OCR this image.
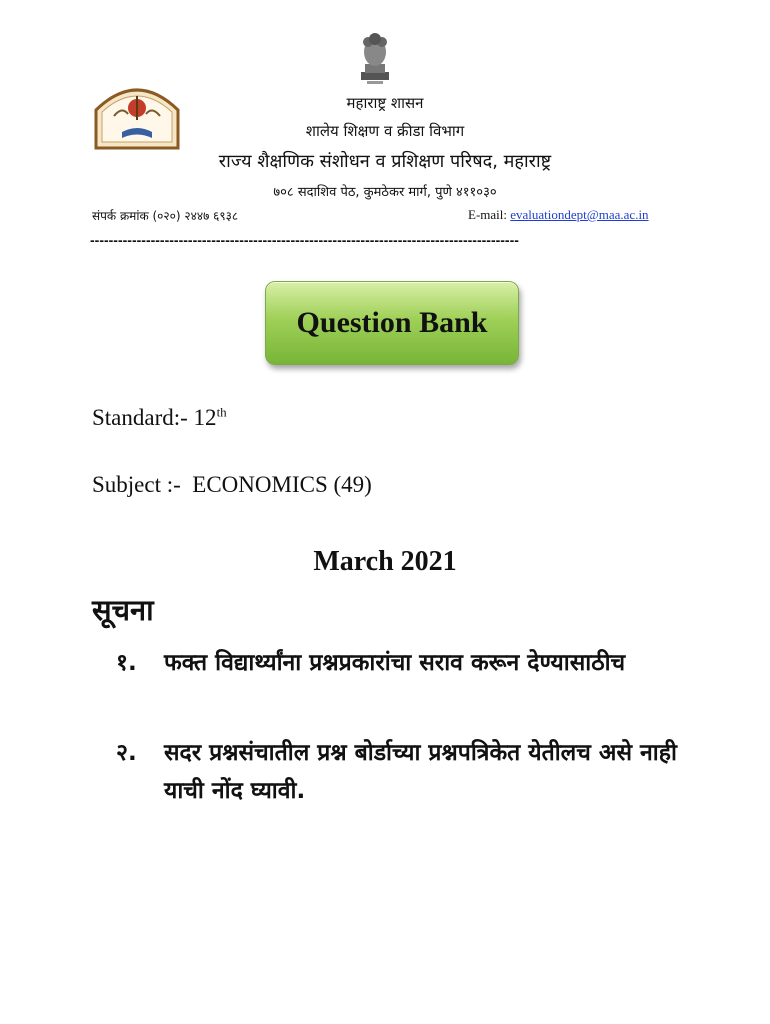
महाराष्ट्र शासन
शालेय शिक्षण व क्रीडा विभाग
राज्य शैक्षणिक संशोधन व प्रशिक्षण परिषद, महाराष्ट्र
७०८ सदाशिव पेठ, कुमठेकर मार्ग, पुणे ४११०३०
संपर्क क्रमांक (०२०) २४४७ ६९३८	E-mail: evaluationdept@maa.ac.in
--------------------------------------------------------------------------------------------
Question Bank
Standard:- 12th
Subject :-  ECONOMICS (49)
March 2021
सूचना
१.	फक्त विद्यार्थ्यांना प्रश्नप्रकारांचा सराव करून देण्यासाठीच
२.	सदर प्रश्नसंचातील प्रश्न बोर्डाच्या प्रश्नपत्रिकेत येतीलच असे नाही याची नोंद घ्यावी.
